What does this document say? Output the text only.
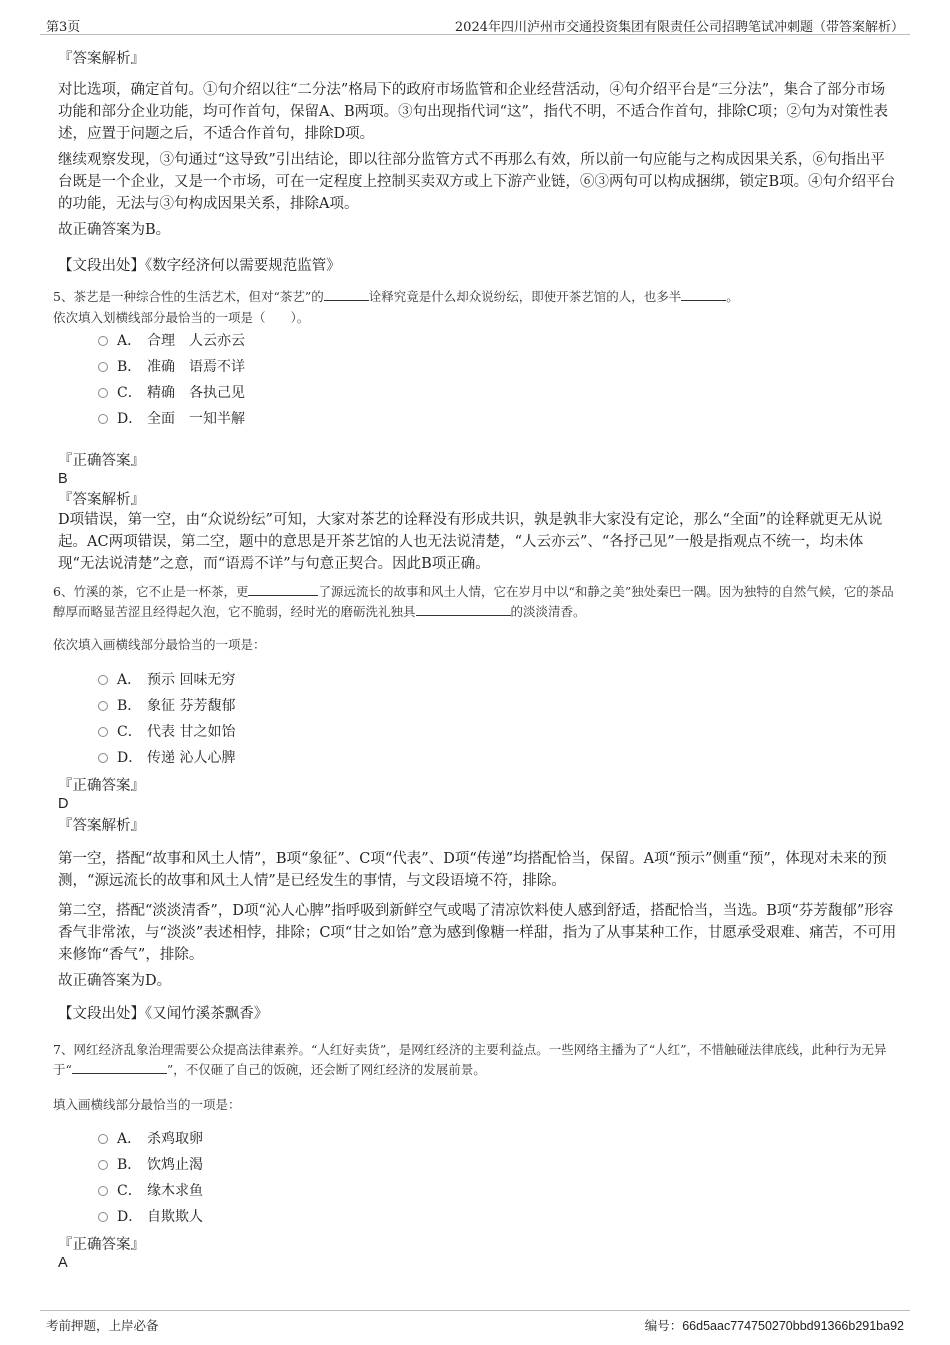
第3页	2024年四川泸州市交通投资集团有限责任公司招聘笔试冲刺题（带答案解析）
『答案解析』
对比选项，确定首句。①句介绍以往“二分法”格局下的政府市场监管和企业经营活动，④句介绍平台是“三分法”，集合了部分市场功能和部分企业功能，均可作首句，保留A、B两项。③句出现指代词“这”，指代不明，不适合作首句，排除C项；②句为对策性表述，应置于问题之后，不适合作首句，排除D项。
继续观察发现，③句通过“这导致”引出结论，即以往部分监管方式不再那么有效，所以前一句应能与之构成因果关系，⑥句指出平台既是一个企业，又是一个市场，可在一定程度上控制买卖双方或上下游产业链，⑥③两句可以构成捆绑，锁定B项。④句介绍平台的功能，无法与③句构成因果关系，排除A项。
故正确答案为B。
【文段出处】《数字经济何以需要规范监管》
5、茶艺是一种综合性的生活艺术，但对“茶艺”的	诠释究竟是什么却众说纷纭，即使开茶艺馆的人，也多半	。
依次填入划横线部分最恰当的一项是（　　）。
A． 合理　人云亦云
B． 准确　语焉不详
C． 精确　各执己见
D． 全面　一知半解
『正确答案』
B
『答案解析』
D项错误，第一空，由“众说纷纭”可知，大家对茶艺的诠释没有形成共识，孰是孰非大家没有定论，那么“全面”的诠释就更无从说起。AC两项错误，第二空，题中的意思是开茶艺馆的人也无法说清楚，“人云亦云”、“各抒己见”一般是指观点不统一，均未体现“无法说清楚”之意，而“语焉不详”与句意正契合。因此B项正确。
6、竹溪的茶，它不止是一杯茶，更	了源远流长的故事和风土人情，它在岁月中以“和静之美”独处秦巴一隅。因为独特的自然气候，它的茶品醇厚而略显苦涩且经得起久泡，它不脆弱，经时光的磨砺洗礼独具	的淡淡清香。
依次填入画横线部分最恰当的一项是：
A． 预示 回味无穷
B． 象征 芬芳馥郁
C． 代表 甘之如饴
D． 传递 沁人心脾
『正确答案』
D
『答案解析』
第一空，搭配“故事和风土人情”，B项“象征”、C项“代表”、D项“传递”均搭配恰当，保留。A项“预示”侧重“预”，体现对未来的预测，“源远流长的故事和风土人情”是已经发生的事情，与文段语境不符，排除。
第二空，搭配“淡淡清香”，D项“沁人心脾”指呼吸到新鲜空气或喝了清凉饮料使人感到舒适，搭配恰当，当选。B项“芬芳馥郁”形容香气非常浓，与“淡淡”表述相悖，排除；C项“甘之如饴”意为感到像糖一样甜，指为了从事某种工作，甘愿承受艰难、痛苦，不可用来修饰“香气”，排除。
故正确答案为D。
【文段出处】《又闻竹溪茶飘香》
7、网红经济乱象治理需要公众提高法律素养。“人红好卖货”，是网红经济的主要利益点。一些网络主播为了“人红”，不惜触碰法律底线，此种行为无异于“	”，不仅砸了自己的饭碗，还会断了网红经济的发展前景。
填入画横线部分最恰当的一项是：
A． 杀鸡取卵
B． 饮鸩止渴
C． 缘木求鱼
D． 自欺欺人
『正确答案』
A
考前押题，上岸必备	编号：66d5aac774750270bbd91366b291ba92
